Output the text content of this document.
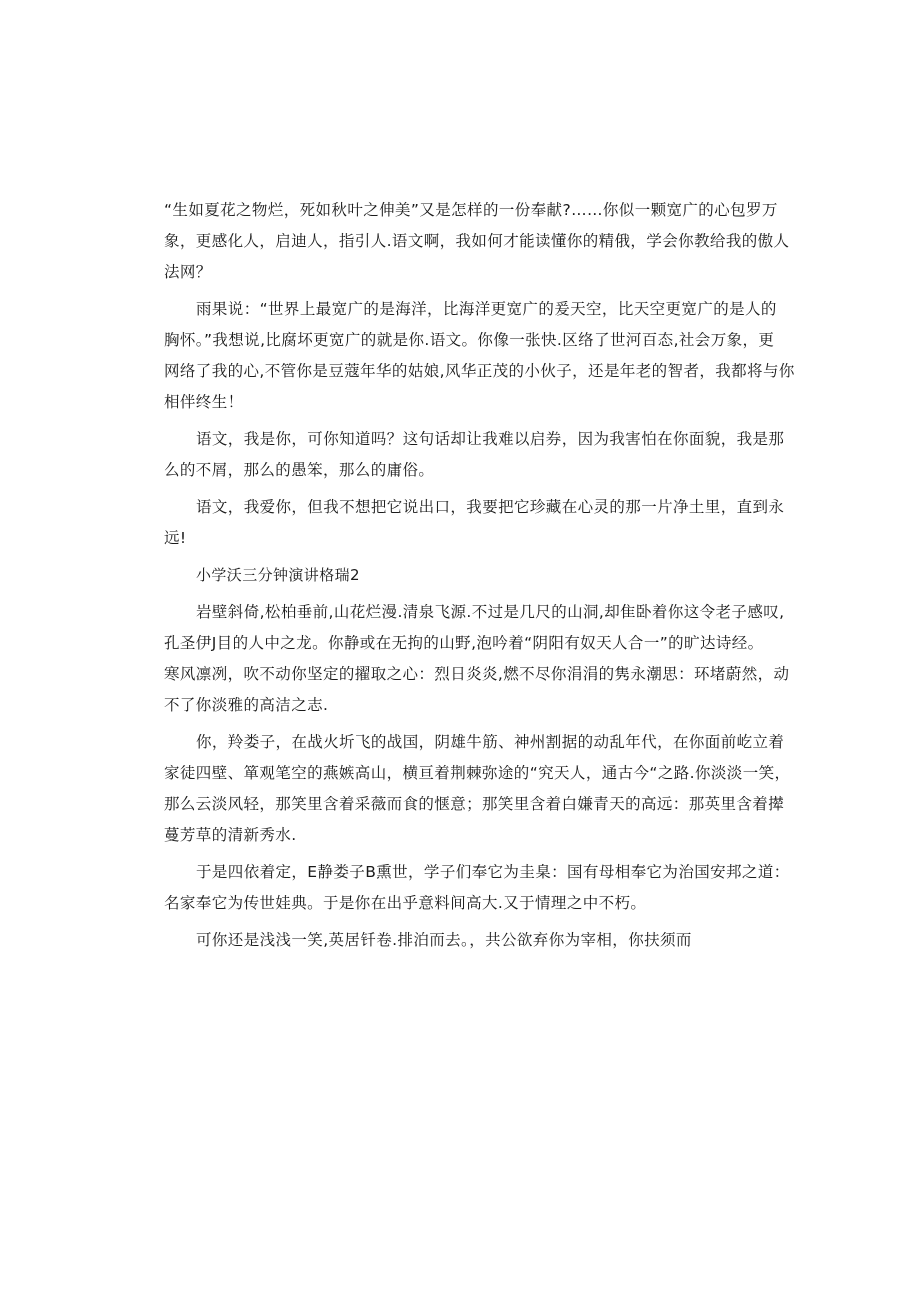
“生如夏花之物烂，死如秋叶之伸美”又是怎样的一份奉献?……你似一颗宽广的心包罗万
象，更感化人，启迪人，指引人.语文啊，我如何才能读懂你的精俄，学会你教给我的傲人
法网？

雨果说：“世界上最宽广的是海洋，比海洋更宽广的爰天空，比天空更宽广的是人的
胸怀。”我想说,比腐坏更宽广的就是你.语文。你像一张快.区络了世河百态,社会万象，更
网络了我的心,不管你是豆蔻年华的姑娘,风华正茂的小伙子，还是年老的智者，我都将与你
相伴终生！

语文，我是你，可你知道吗？这句话却让我难以启券，因为我害怕在你面貌，我是那
么的不屑，那么的愚笨，那么的庸俗。

语文，我爱你，但我不想把它说出口，我要把它珍藏在心灵的那一片净土里，直到永
远!

小学沃三分钟演讲格瑞2

岩壁斜倚,松柏垂前,山花烂漫.清泉飞源.不过是几尺的山洞,却隹卧着你这令老子感叹,
孔圣伊J目的人中之龙。你静或在无拘的山野,泡吟着“阴阳有奴天人合一”的旷达诗经。
寒风凛冽，吹不动你坚定的擢取之心：烈日炎炎,燃不尽你涓涓的隽永潮思：环堵蔚然，动
不了你淡雅的高洁之志.

你，羚娄子，在战火圻飞的战国，阴雄牛筋、神州割据的动乱年代，在你面前屹立着
家徒四壁、箪观笔空的燕嫉高山，横亘着荆棘弥途的“究天人，通古今“之路.你淡淡一笑，
那么云淡风轻，那笑里含着采薇而食的惬意；那笑里含着白嫌青天的高远：那英里含着撵
蔓芳草的清新秀水.

于是四依着定，E静娄子B熏世，学子们奉它为圭臬：国有母相奉它为治国安邦之道：
名家奉它为传世娃典。于是你在出乎意料间高大.又于情理之中不朽。

可你还是浅浅一笑,英居钎卷.排泊而去。，共公欲弃你为宰相，你扶须而
